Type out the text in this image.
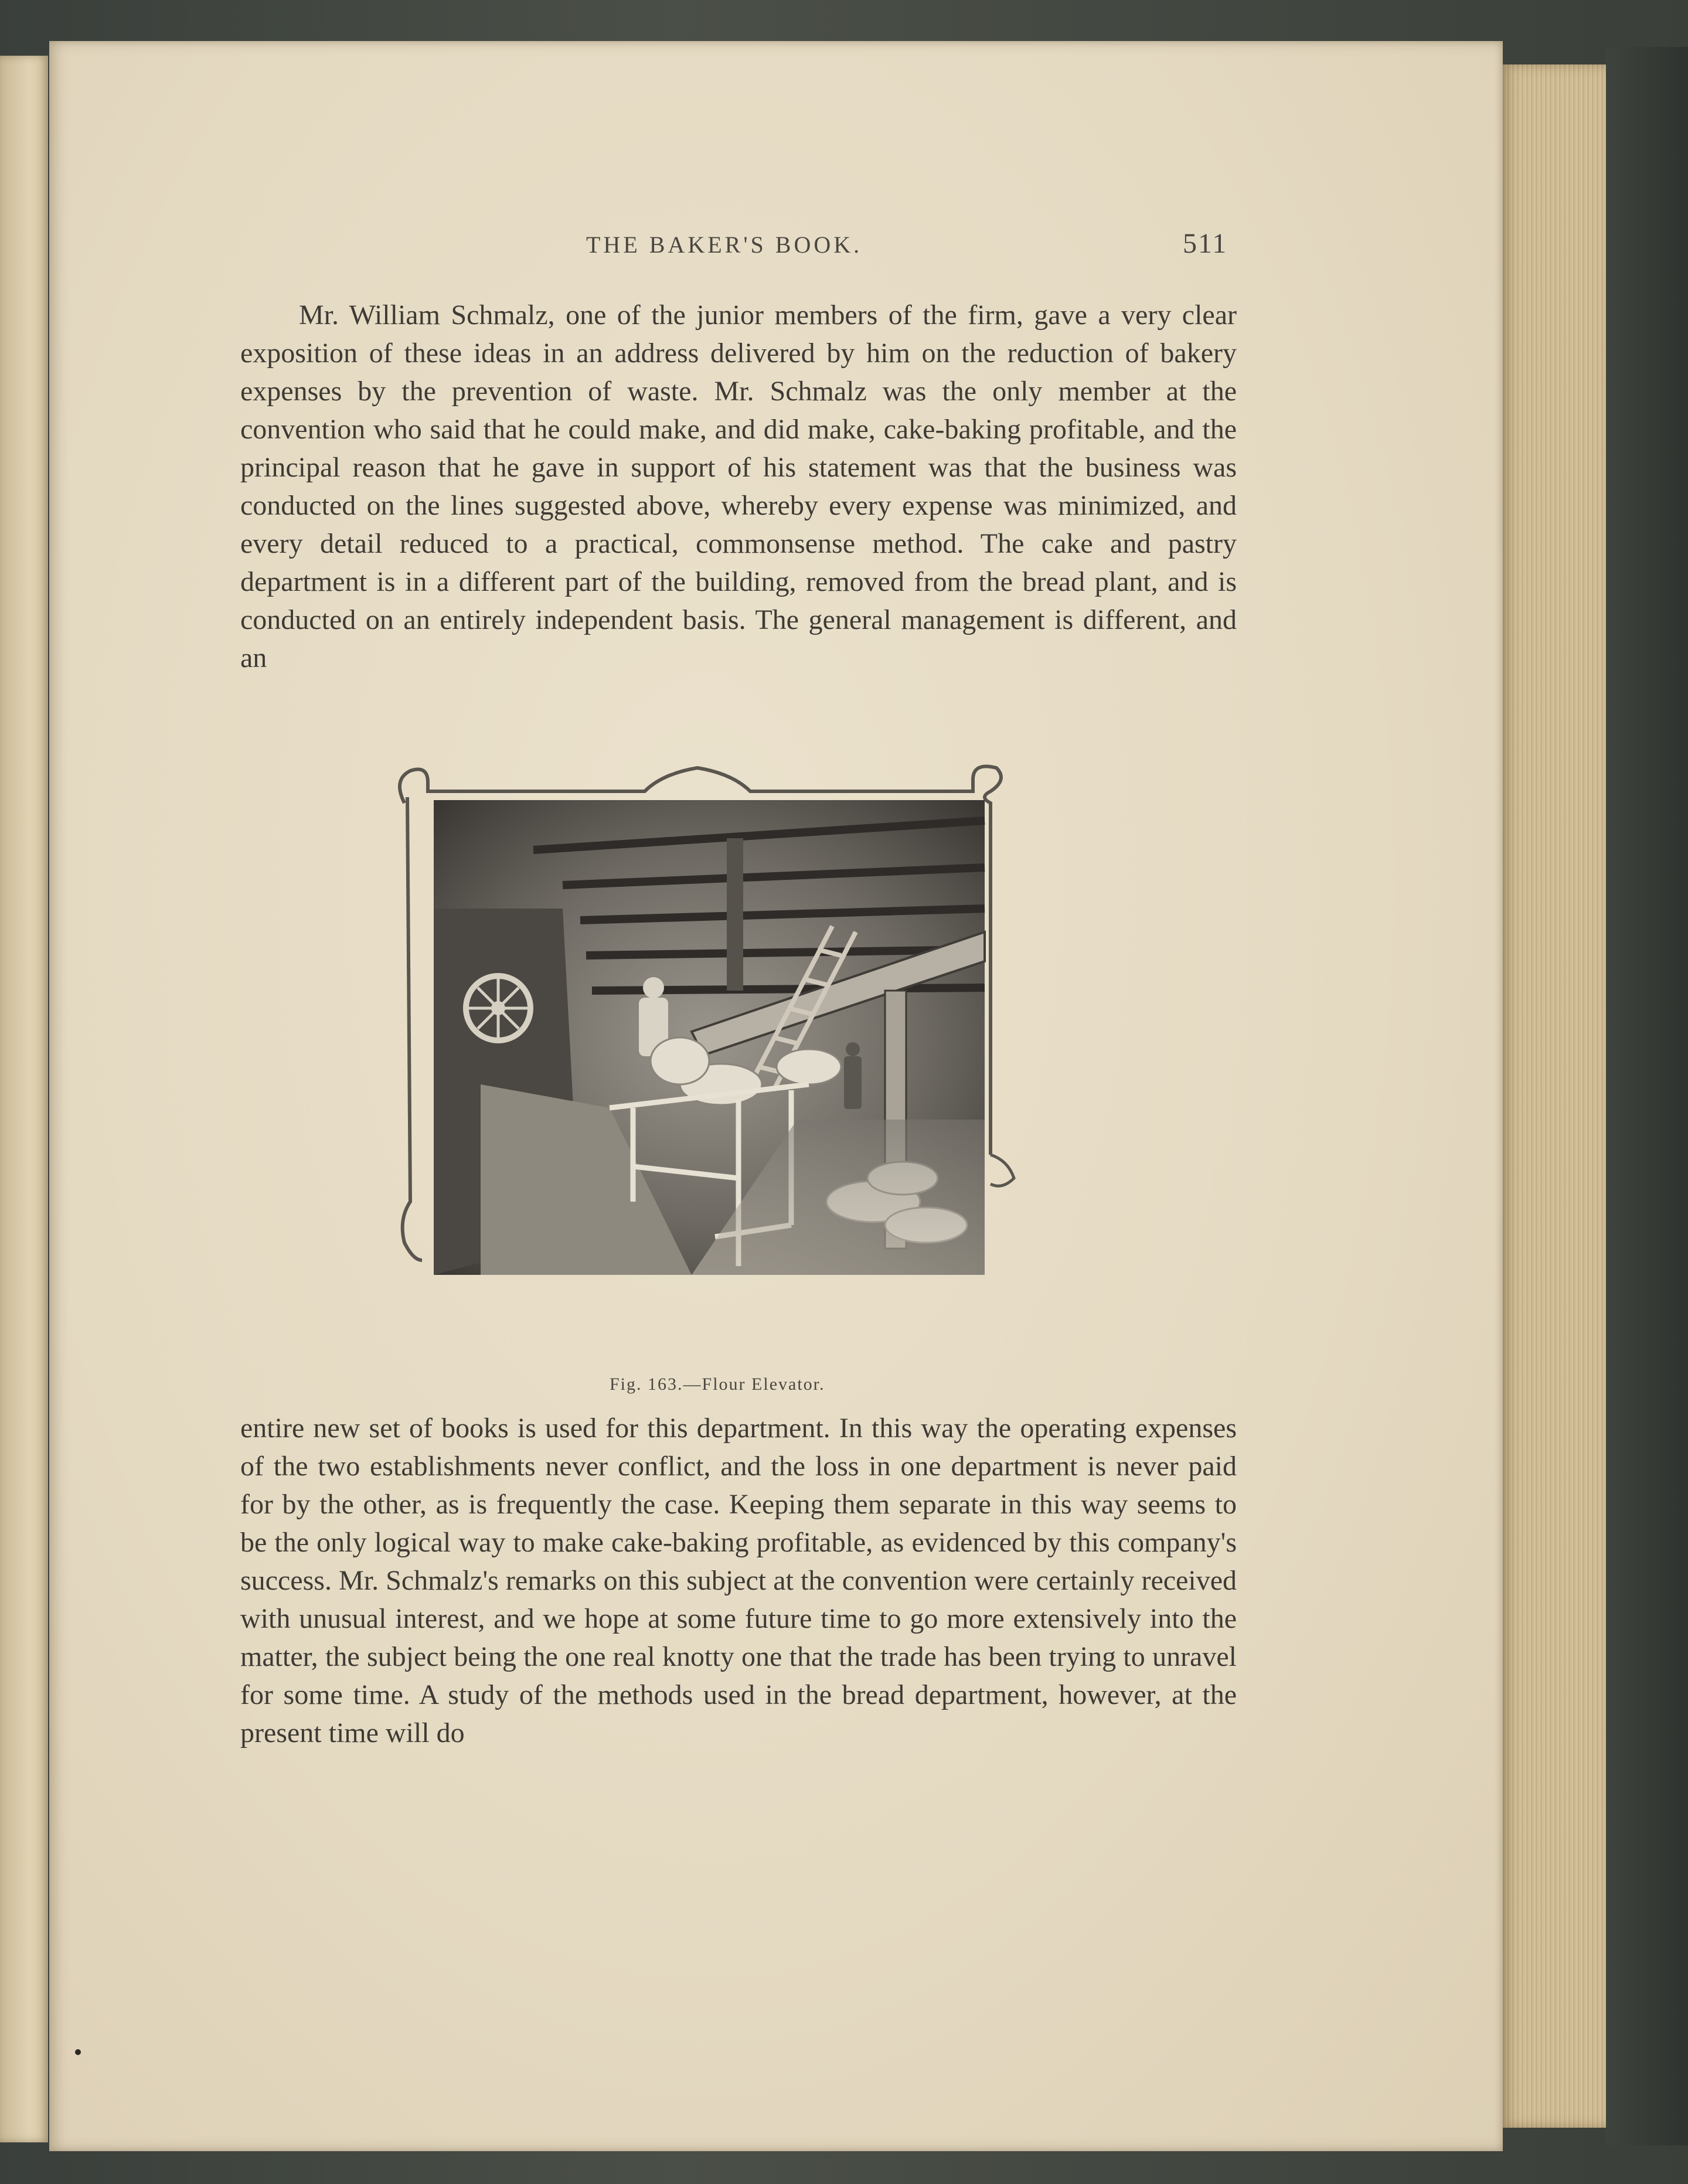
THE BAKER'S BOOK.	511

Mr. William Schmalz, one of the junior members of the firm, gave a very clear exposition of these ideas in an address delivered by him on the reduction of bakery expenses by the prevention of waste. Mr. Schmalz was the only member at the convention who said that he could make, and did make, cake-baking profitable, and the principal reason that he gave in support of his statement was that the business was conducted on the lines suggested above, whereby every expense was minimized, and every detail reduced to a practical, commonsense method. The cake and pastry department is in a different part of the building, removed from the bread plant, and is conducted on an entirely independent basis. The general management is different, and an

Fig. 163.—Flour Elevator.

entire new set of books is used for this department. In this way the operating expenses of the two establishments never conflict, and the loss in one department is never paid for by the other, as is frequently the case. Keeping them separate in this way seems to be the only logical way to make cake-baking profitable, as evidenced by this company's success. Mr. Schmalz's remarks on this subject at the convention were certainly received with unusual interest, and we hope at some future time to go more extensively into the matter, the subject being the one real knotty one that the trade has been trying to unravel for some time. A study of the methods used in the bread department, however, at the present time will do
